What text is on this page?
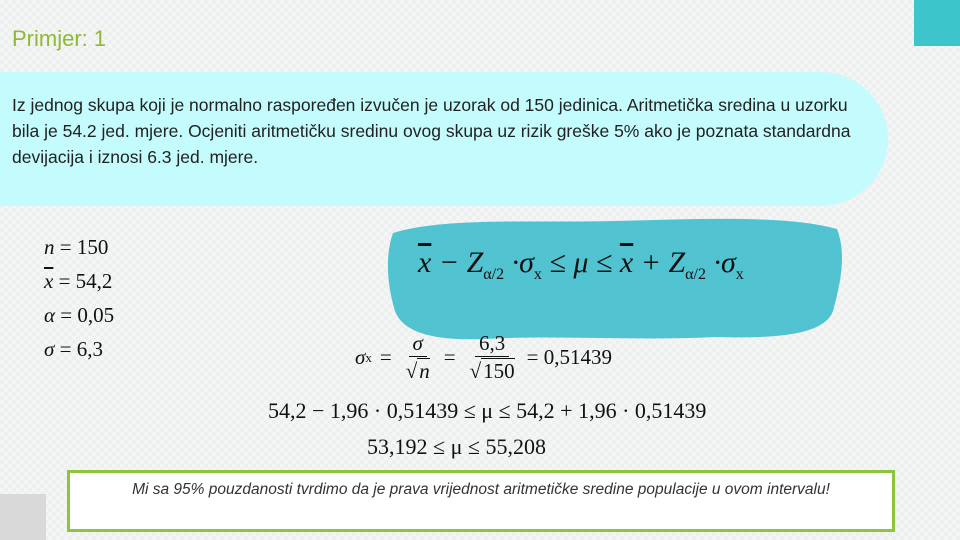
Primjer: 1
Iz jednog skupa koji je normalno raspoređen izvučen je uzorak od 150 jedinica. Aritmetička sredina u uzorku bila je 54.2 jed. mjere. Ocjeniti aritmetičku sredinu ovog skupa uz rizik greške 5% ako je poznata standardna devijacija i iznosi 6.3 jed. mjere.
n = 150
$\overline{x} = 54,2$
α = 0,05
σ = 6,3
$\overline{x} - Z_{\alpha/2} \cdot\sigma_x \le \mu \le \overline{x} + Z_{\alpha/2} \cdot\sigma_x$
σ $x = \frac{\sigma}{√n} = \frac{6,3}{√150} = 0,51439$
54,2 − 1,96 · 0,51439 ≤ μ ≤ 54,2 + 1,96 · 0,51439
53,192 ≤ μ ≤ 55,208

Mi sa 95% pouzdanosti tvrdimo da je prava vrijednost aritmetičke sredine populacije u ovom intervalu!
